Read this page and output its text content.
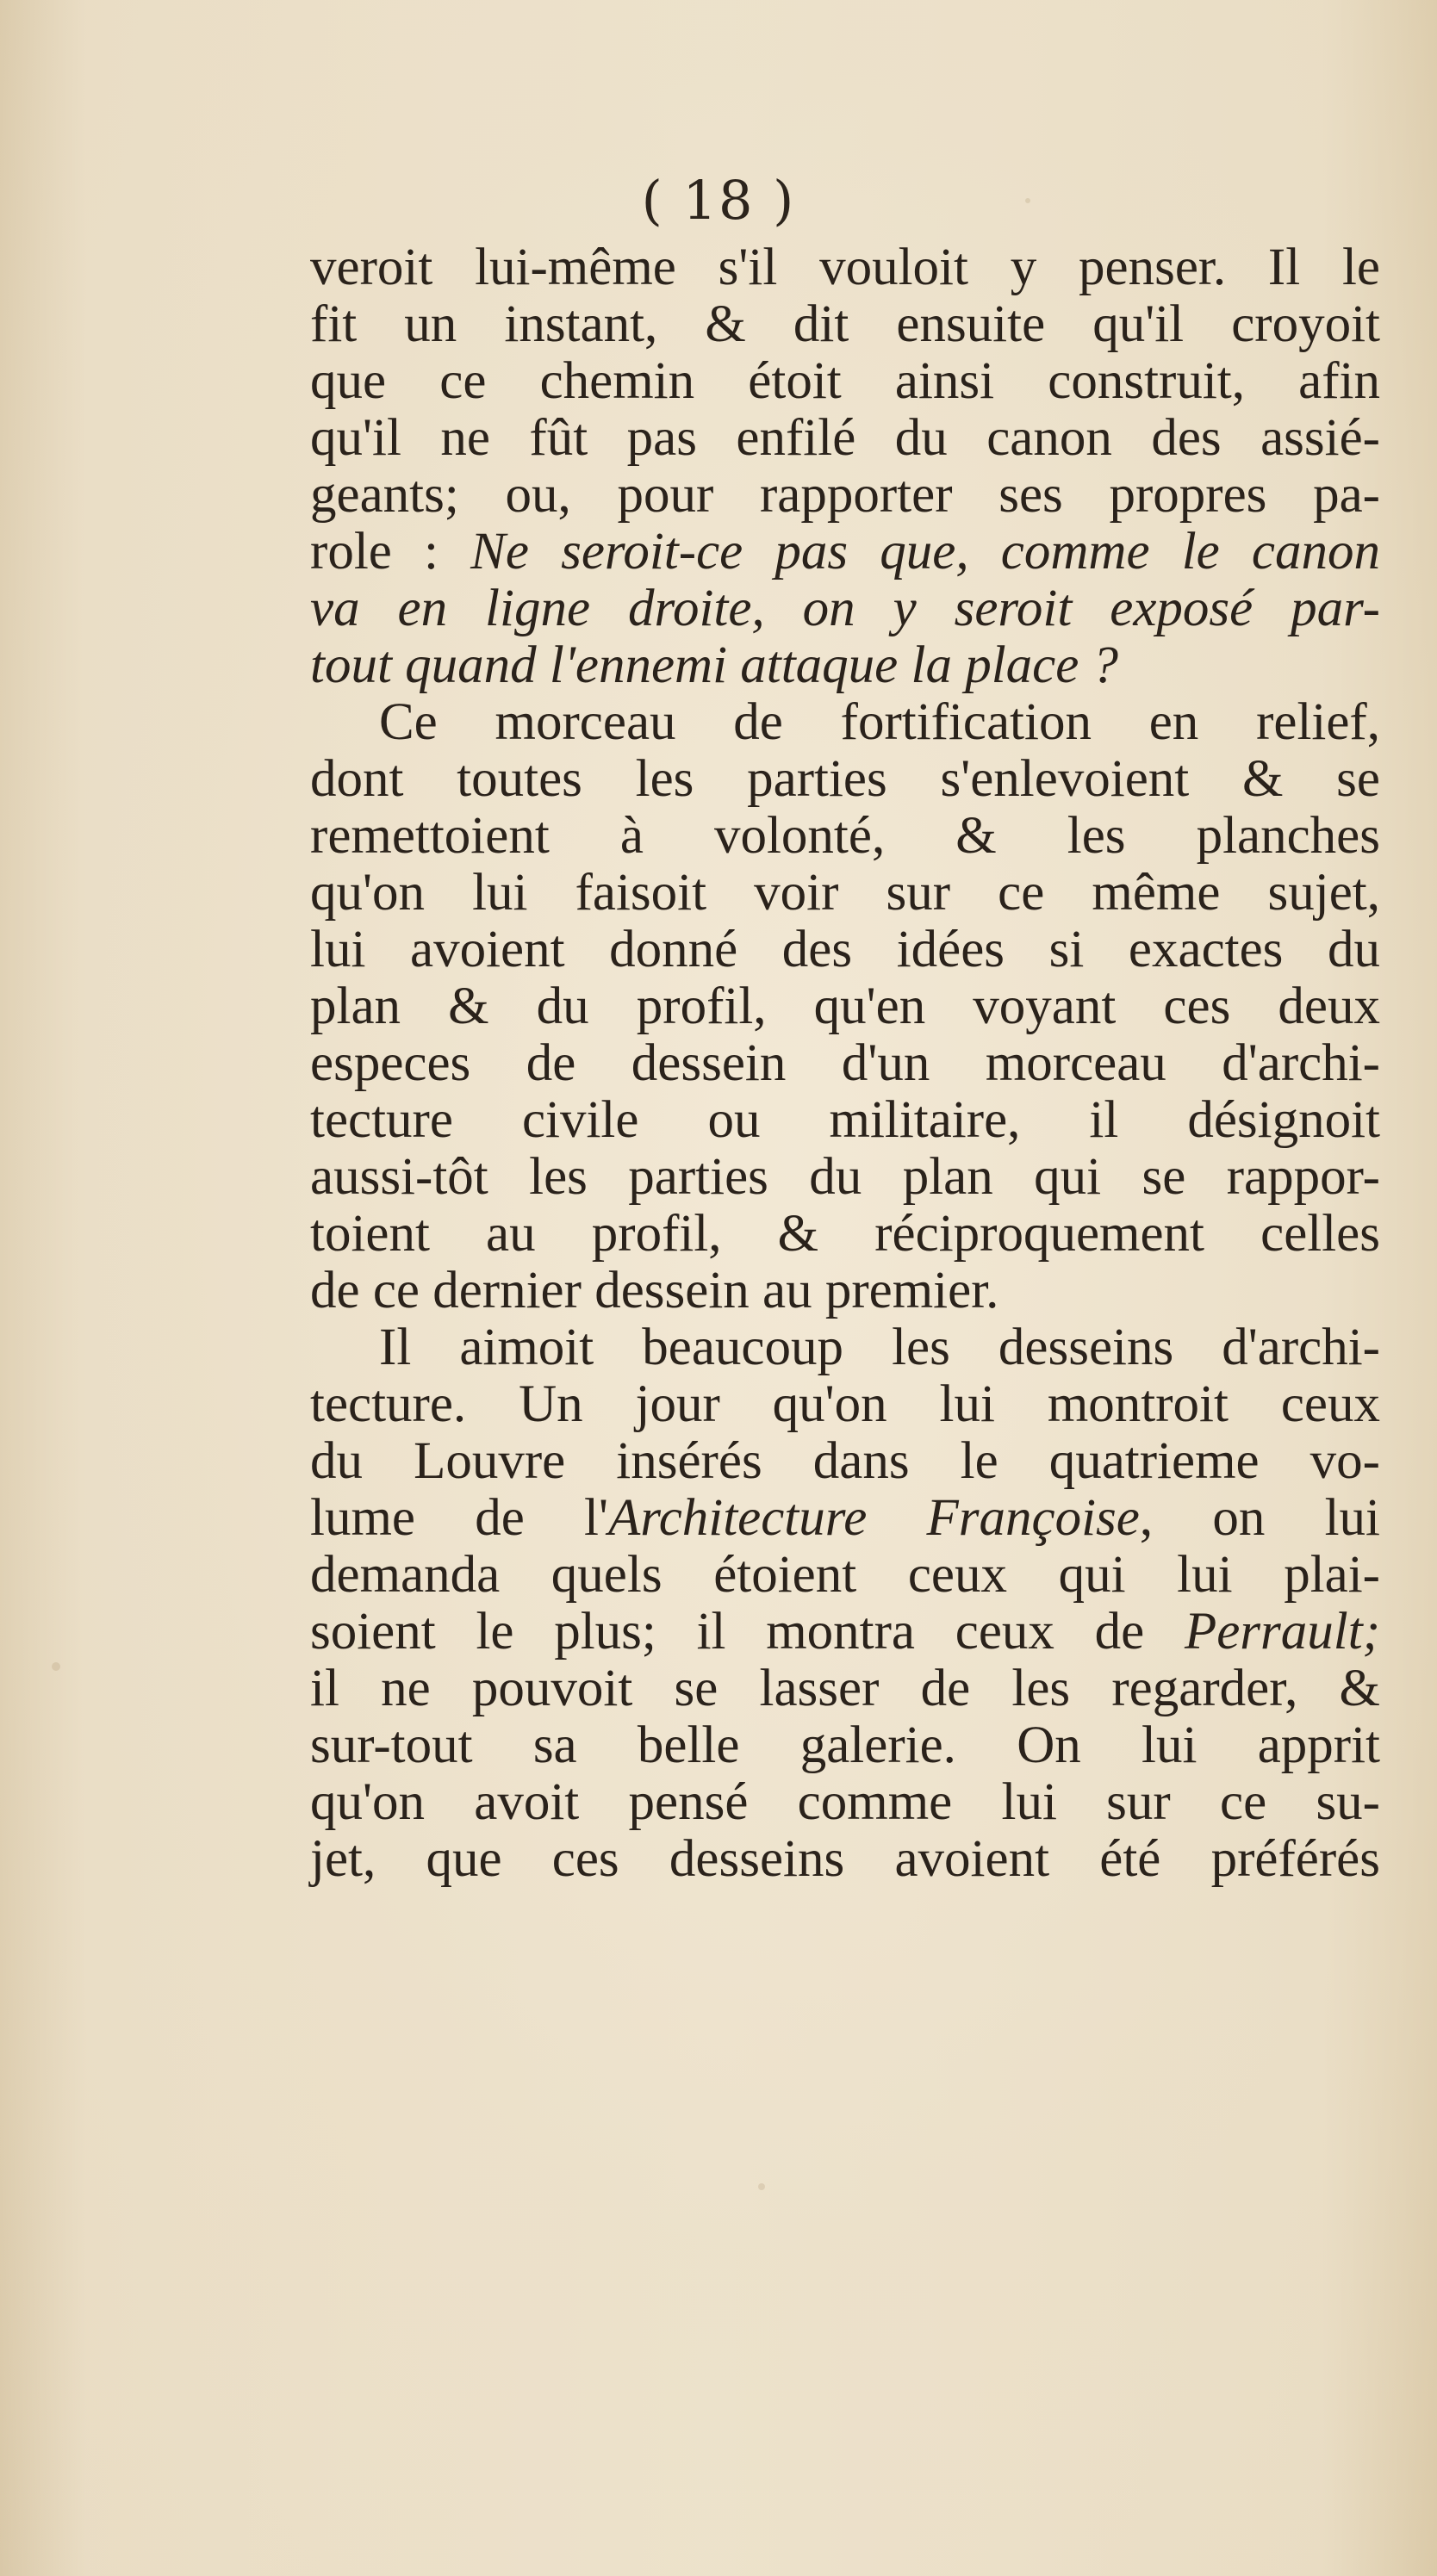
( 18 )
veroit lui-même s'il vouloit y penser. Il le
fit un instant, & dit ensuite qu'il croyoit
que ce chemin étoit ainsi construit, afin
qu'il ne fût pas enfilé du canon des assié-
geants; ou, pour rapporter ses propres pa-
role : Ne seroit-ce pas que, comme le canon
va en ligne droite, on y seroit exposé par-
tout quand l'ennemi attaque la place ?
Ce morceau de fortification en relief,
dont toutes les parties s'enlevoient & se
remettoient à volonté, & les planches
qu'on lui faisoit voir sur ce même sujet,
lui avoient donné des idées si exactes du
plan & du profil, qu'en voyant ces deux
especes de dessein d'un morceau d'archi-
tecture civile ou militaire, il désignoit
aussi-tôt les parties du plan qui se rappor-
toient au profil, & réciproquement celles
de ce dernier dessein au premier.
Il aimoit beaucoup les desseins d'archi-
tecture. Un jour qu'on lui montroit ceux
du Louvre insérés dans le quatrieme vo-
lume de l'Architecture Françoise, on lui
demanda quels étoient ceux qui lui plai-
soient le plus; il montra ceux de Perrault;
il ne pouvoit se lasser de les regarder, &
sur-tout sa belle galerie. On lui apprit
qu'on avoit pensé comme lui sur ce su-
jet, que ces desseins avoient été préférés
